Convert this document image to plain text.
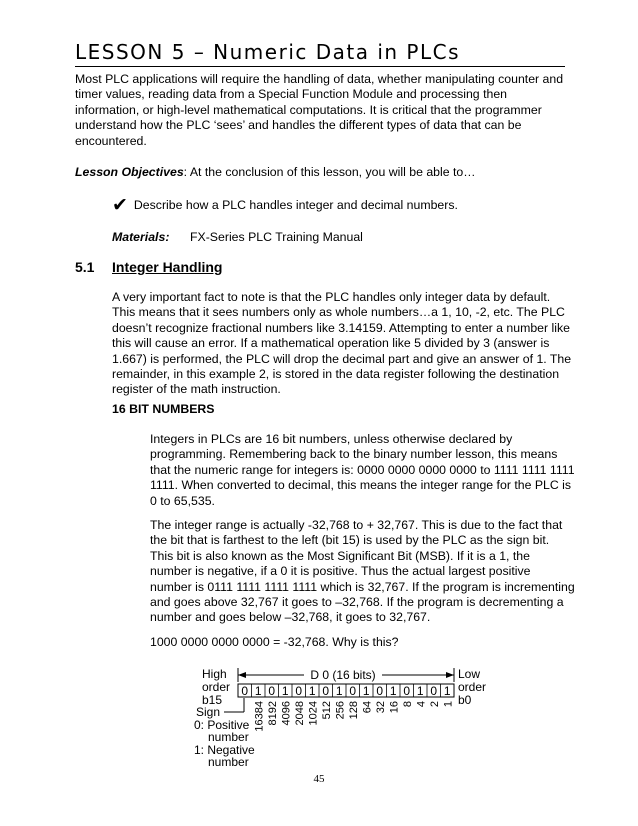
LESSON 5 – Numeric Data in PLCs

Most PLC applications will require the handling of data, whether manipulating counter and timer values, reading data from a Special Function Module and processing then information, or high-level mathematical computations. It is critical that the programmer understand how the PLC ‘sees’ and handles the different types of data that can be encountered.

Lesson Objectives: At the conclusion of this lesson, you will be able to…

✔ Describe how a PLC handles integer and decimal numbers.

Materials: FX-Series PLC Training Manual

5.1 Integer Handling

A very important fact to note is that the PLC handles only integer data by default. This means that it sees numbers only as whole numbers…a 1, 10, -2, etc. The PLC doesn’t recognize fractional numbers like 3.14159. Attempting to enter a number like this will cause an error. If a mathematical operation like 5 divided by 3 (answer is 1.667) is performed, the PLC will drop the decimal part and give an answer of 1. The remainder, in this example 2, is stored in the data register following the destination register of the math instruction.

16 BIT NUMBERS

Integers in PLCs are 16 bit numbers, unless otherwise declared by programming. Remembering back to the binary number lesson, this means that the numeric range for integers is: 0000 0000 0000 0000 to 1111 1111 1111 1111. When converted to decimal, this means the integer range for the PLC is 0 to 65,535.

The integer range is actually -32,768 to + 32,767. This is due to the fact that the bit that is farthest to the left (bit 15) is used by the PLC as the sign bit. This bit is also known as the Most Significant Bit (MSB). If it is a 1, the number is negative, if a 0 it is positive. Thus the actual largest positive number is 0111 1111 1111 1111 which is 32,767. If the program is incrementing and goes above 32,767 it goes to –32,768. If the program is decrementing a number and goes below –32,768, it goes to 32,767.

1000 0000 0000 0000 = -32,768. Why is this?

High
order
b15
D 0 (16 bits)	Low
order
b0
0 1 0 1 0 1 0 1 0 1 0 1 0 1 0 1
16384 8192 4096 2048 1024 512 256 128 64 32 16 8 4 2 1
Sign
0: Positive
number
1: Negative
number
45
